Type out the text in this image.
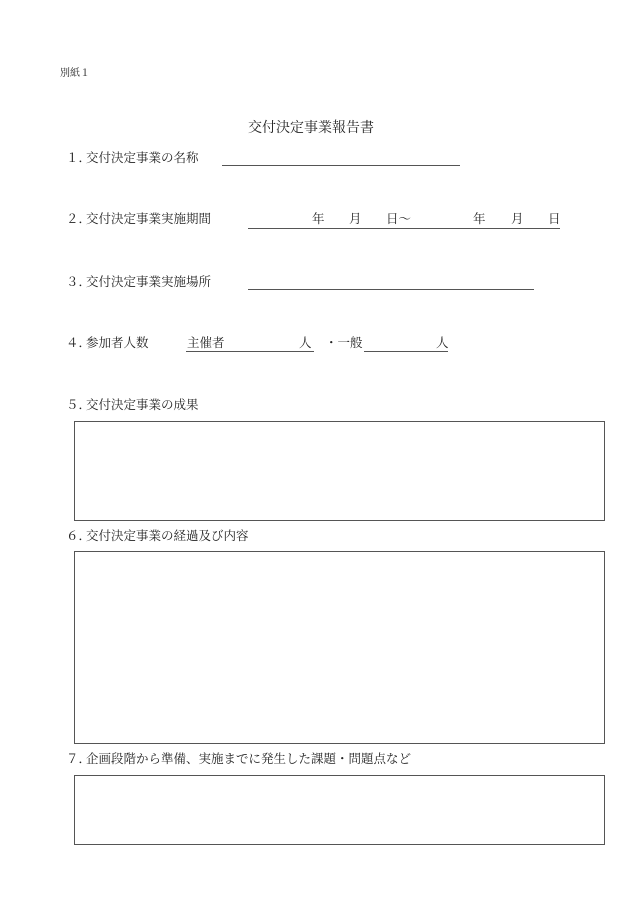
別紙１
交付決定事業報告書
１．
交付決定事業の名称
２．
交付決定事業実施期間	年 月 日〜	年 月 日
３．
交付決定事業実施場所
４．
参加者人数	主催者	人 ・一般	人
５．
交付決定事業の成果
６．
交付決定事業の経過及び内容
７．
企画段階から準備、実施までに発生した課題・問題点など
